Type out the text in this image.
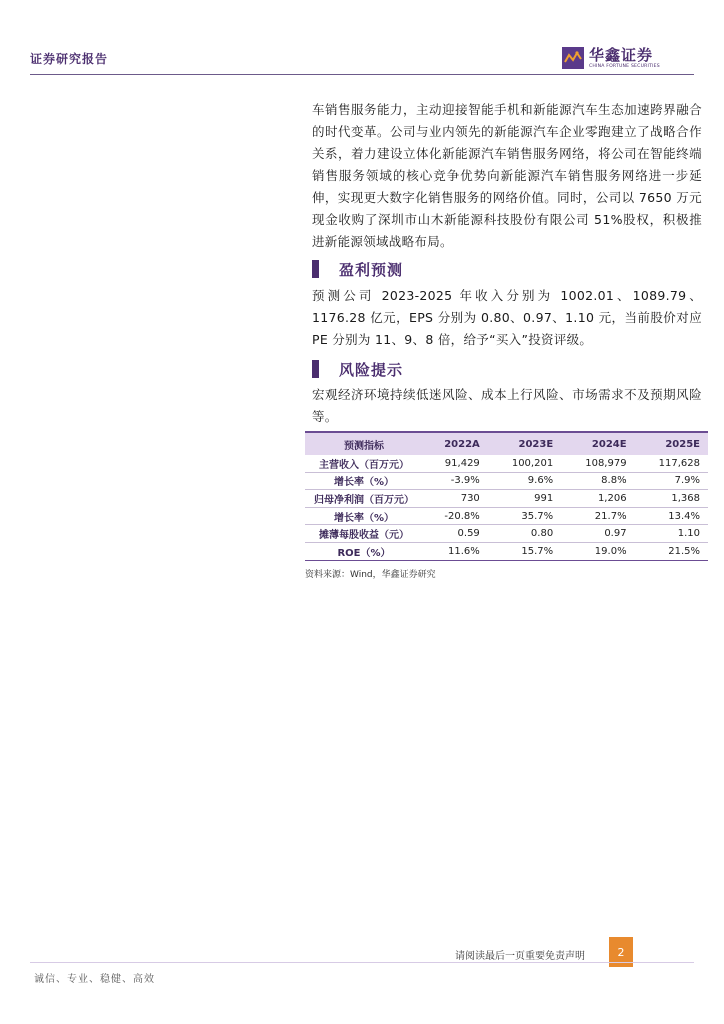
证券研究报告	华鑫证券
CHINA FORTUNE SECURITIES

车销售服务能力，主动迎接智能手机和新能源汽车生态加速跨界融合的时代变革。公司与业内领先的新能源汽车企业零跑建立了战略合作关系，着力建设立体化新能源汽车销售服务网络，将公司在智能终端销售服务领域的核心竞争优势向新能源汽车销售服务网络进一步延伸，实现更大数字化销售服务的网络价值。同时，公司以 7650 万元现金收购了深圳市山木新能源科技股份有限公司 51%股权，积极推进新能源领域战略布局。

盈利预测

预测公司 2023-2025 年收入分别为 1002.01、1089.79、1176.28 亿元，EPS 分别为 0.80、0.97、1.10 元，当前股价对应 PE 分别为 11、9、8 倍，给予“买入”投资评级。

风险提示

宏观经济环境持续低迷风险、成本上行风险、市场需求不及预期风险等。

预测指标	2022A	2023E	2024E	2025E
主营收入（百万元）	91,429	100,201	108,979	117,628
增长率（%）	-3.9%	9.6%	8.8%	7.9%
归母净利润（百万元）	730	991	1,206	1,368
增长率（%）	-20.8%	35.7%	21.7%	13.4%
摊薄每股收益（元）	0.59	0.80	0.97	1.10
ROE（%）	11.6%	15.7%	19.0%	21.5%
资料来源：Wind，华鑫证券研究
请阅读最后一页重要免责声明	2
诚信、专业、稳健、高效
